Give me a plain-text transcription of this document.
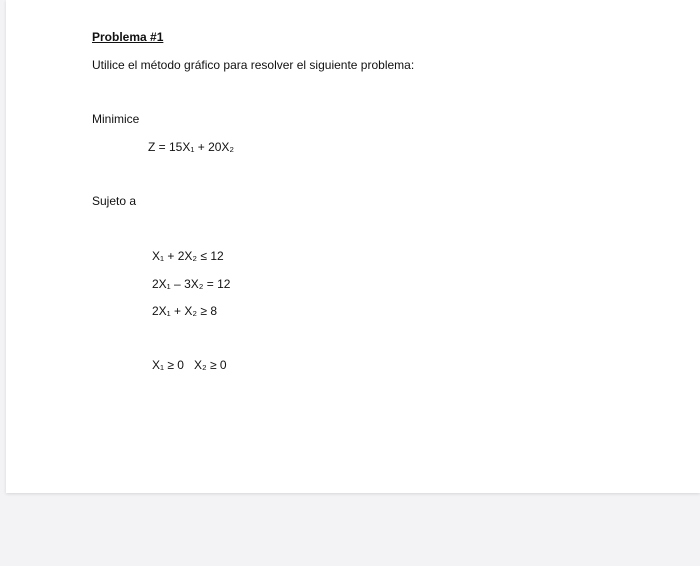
Problema #1
Utilice el método gráfico para resolver el siguiente problema:
Minimice
Z = 15X₁ + 20X₂
Sujeto a
X₁ + 2X₂ ≤ 12
2X₁ – 3X₂ = 12
2X₁ + X₂ ≥ 8
X₁ ≥ 0   X₂ ≥ 0
